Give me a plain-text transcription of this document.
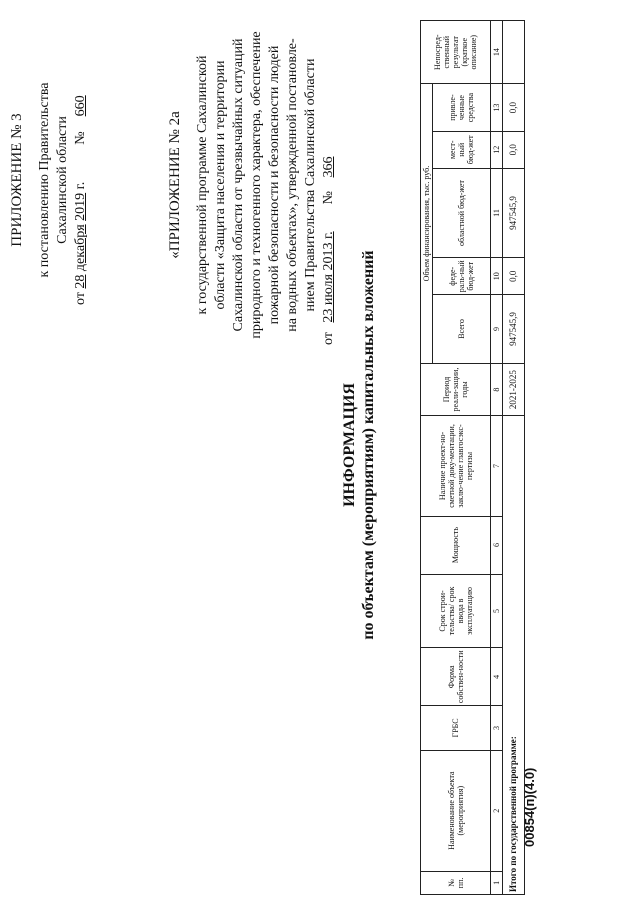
00854(п)(4.0)
ПРИЛОЖЕНИЕ № 3 к постановлению Правительства Сахалинской области
от 28 декабря 2019 г.  №  660
«ПРИЛОЖЕНИЕ № 2а к государственной программе Сахалинской области «Защита населения и территории Сахалинской области от чрезвычайных ситуаций природного и техногенного характера, обеспечение пожарной безопасности и безопасности людей на водных объектах», утвержденной постановле- нием Правительства Сахалинской области
от 23 июля 2013 г.  № 366
ИНФОРМАЦИЯ по объектам (мероприятиям) капитальных вложений
№ пп.	Наименование объекта (мероприятия)	ГРБС	Форма собствен-ности	Срок строи-тельства/ срок ввода в эксплуатацию	Мощность	Наличие проект-но-сметной доку-ментации, заклю-чение главгосэкс-пертизы	Период реали-зации, годы	Объем финансирования, тыс. руб.					Непосред-ственный результат (краткое описание)
								Всего	феде-раль-ный бюд-жет	областной бюд-жет	мест-ный бюд-жет	привле-ченные средства	
1	2	3	4	5	6	7	8	9	10	11	12	13	14
Итого по государственной программе:							2021-2025	947545,9	0,0	947545,9	0,0	0,0	
